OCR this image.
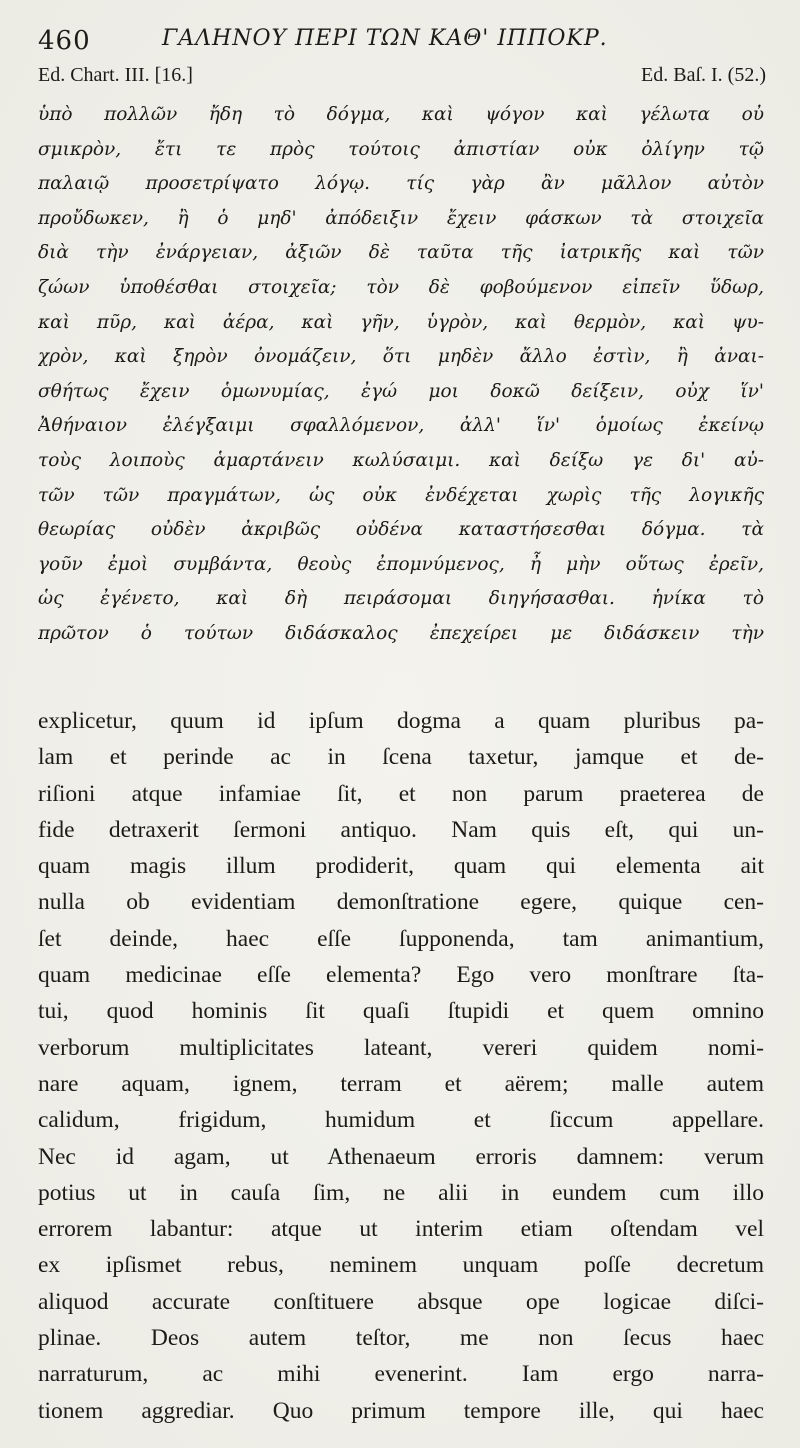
460	ΓΑΛΗΝΟΥ ΠΕΡΙ ΤΩΝ ΚΑΘ' ΙΠΠΟΚΡ.
Ed. Chart. III. [16.]	Ed. Baſ. I. (52.)
ὑπὸ πολλῶν ἤδη τὸ δόγμα, καὶ ψόγον καὶ γέλωτα οὐ
σμικρὸν, ἔτι τε πρὸς τούτοις ἀπιστίαν οὐκ ὀλίγην τῷ
παλαιῷ προσετρίψατο λόγῳ. τίς γὰρ ἂν μᾶλλον αὐτὸν
προὔδωκεν, ἢ ὁ μηδ' ἀπόδειξιν ἔχειν φάσκων τὰ στοιχεῖα
διὰ τὴν ἐνάργειαν, ἀξιῶν δὲ ταῦτα τῆς ἰατρικῆς καὶ τῶν
ζώων ὑποθέσθαι στοιχεῖα; τὸν δὲ φοβούμενον εἰπεῖν ὕδωρ,
καὶ πῦρ, καὶ ἀέρα, καὶ γῆν, ὑγρὸν, καὶ θερμὸν, καὶ ψυ-
χρὸν, καὶ ξηρὸν ὀνομάζειν, ὅτι μηδὲν ἄλλο ἐστὶν, ἢ ἀναι-
σθήτως ἔχειν ὁμωνυμίας, ἐγώ μοι δοκῶ δείξειν, οὐχ ἵν'
Ἀθήναιον ἐλέγξαιμι σφαλλόμενον, ἀλλ' ἵν' ὁμοίως ἐκείνῳ
τοὺς λοιποὺς ἁμαρτάνειν κωλύσαιμι. καὶ δείξω γε δι' αὐ-
τῶν τῶν πραγμάτων, ὡς οὐκ ἐνδέχεται χωρὶς τῆς λογικῆς
θεωρίας οὐδὲν ἀκριβῶς οὐδένα καταστήσεσθαι δόγμα. τὰ
γοῦν ἐμοὶ συμβάντα, θεοὺς ἐπομνύμενος, ἦ μὴν οὕτως ἐρεῖν,
ὡς ἐγένετο, καὶ δὴ πειράσομαι διηγήσασθαι. ἡνίκα τὸ
πρῶτον ὁ τούτων διδάσκαλος ἐπεχείρει με διδάσκειν τὴν
explicetur, quum id ipſum dogma a quam pluribus pa-
lam et perinde ac in ſcena taxetur, jamque et de-
riſioni atque infamiae ſit, et non parum praeterea de
fide detraxerit ſermoni antiquo. Nam quis eſt, qui un-
quam magis illum prodiderit, quam qui elementa ait
nulla ob evidentiam demonſtratione egere, quique cen-
ſet deinde, haec eſſe ſupponenda, tam animantium,
quam medicinae eſſe elementa? Ego vero monſtrare ſta-
tui, quod hominis ſit quaſi ſtupidi et quem omnino
verborum multiplicitates lateant, vereri quidem nomi-
nare aquam, ignem, terram et aërem; malle autem
calidum, frigidum, humidum et ſiccum appellare.
Nec id agam, ut Athenaeum erroris damnem: verum
potius ut in cauſa ſim, ne alii in eundem cum illo
errorem labantur: atque ut interim etiam oſtendam vel
ex ipſismet rebus, neminem unquam poſſe decretum
aliquod accurate conſtituere absque ope logicae diſci-
plinae. Deos autem teſtor, me non ſecus haec
narraturum, ac mihi evenerint. Iam ergo narra-
tionem aggrediar. Quo primum tempore ille, qui haec
